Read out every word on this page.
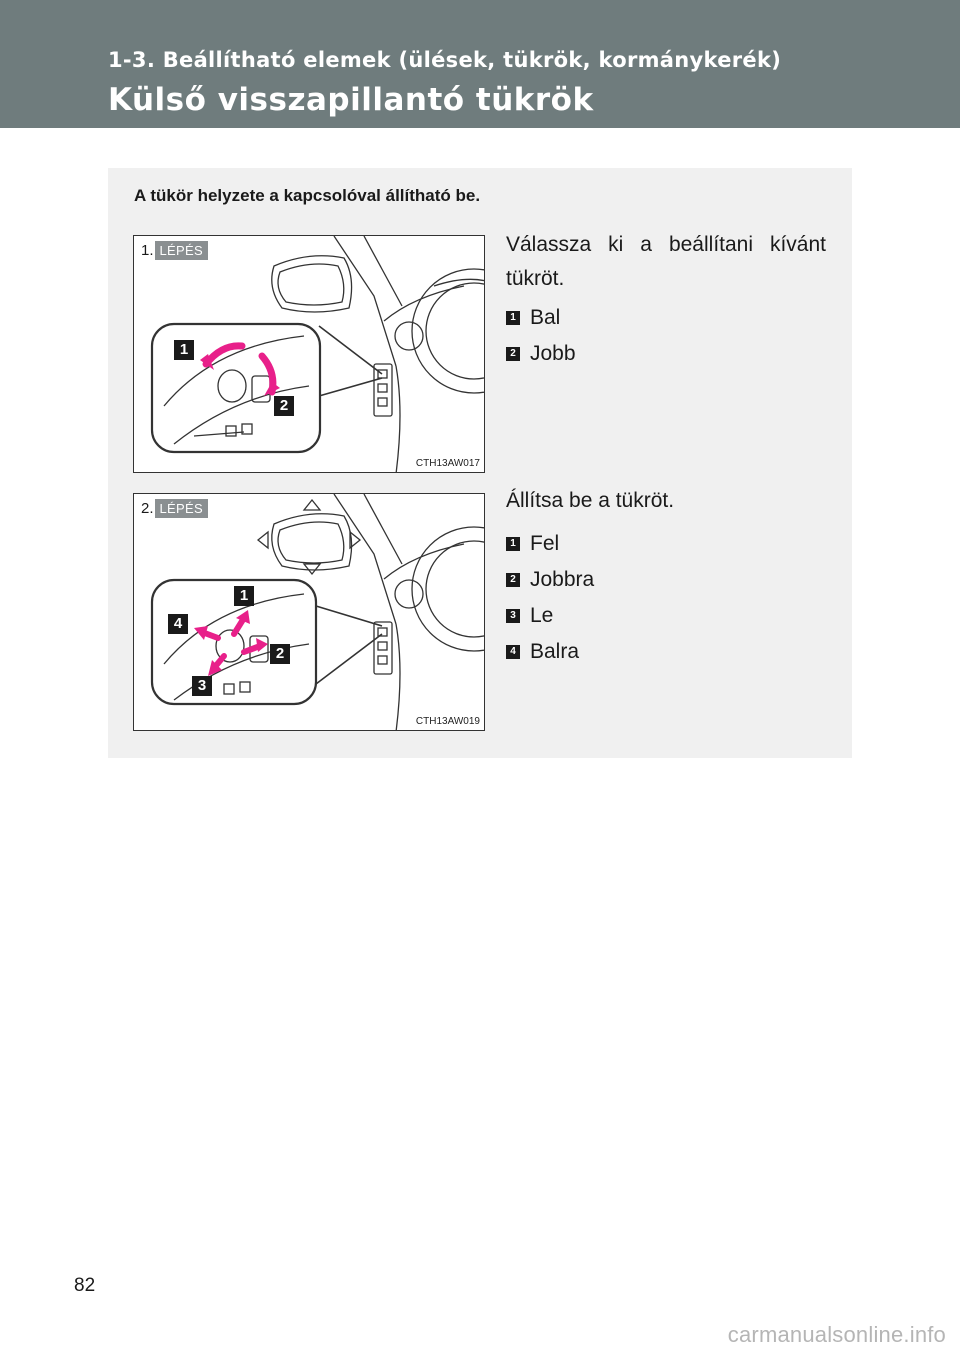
1-3. Beállítható elemek (ülések, tükrök, kormánykerék)
Külső visszapillantó tükrök
A tükör helyzete a kapcsolóval állítható be.
1
2
1. LÉPÉS
CTH13AW017
Válassza ki a beállítani kívánt tükröt.
1 Bal
2 Jobb
1
2
3
4
2. LÉPÉS
CTH13AW019
Állítsa be a tükröt.
1 Fel
2 Jobbra
3 Le
4 Balra
82
carmanualsonline.info
